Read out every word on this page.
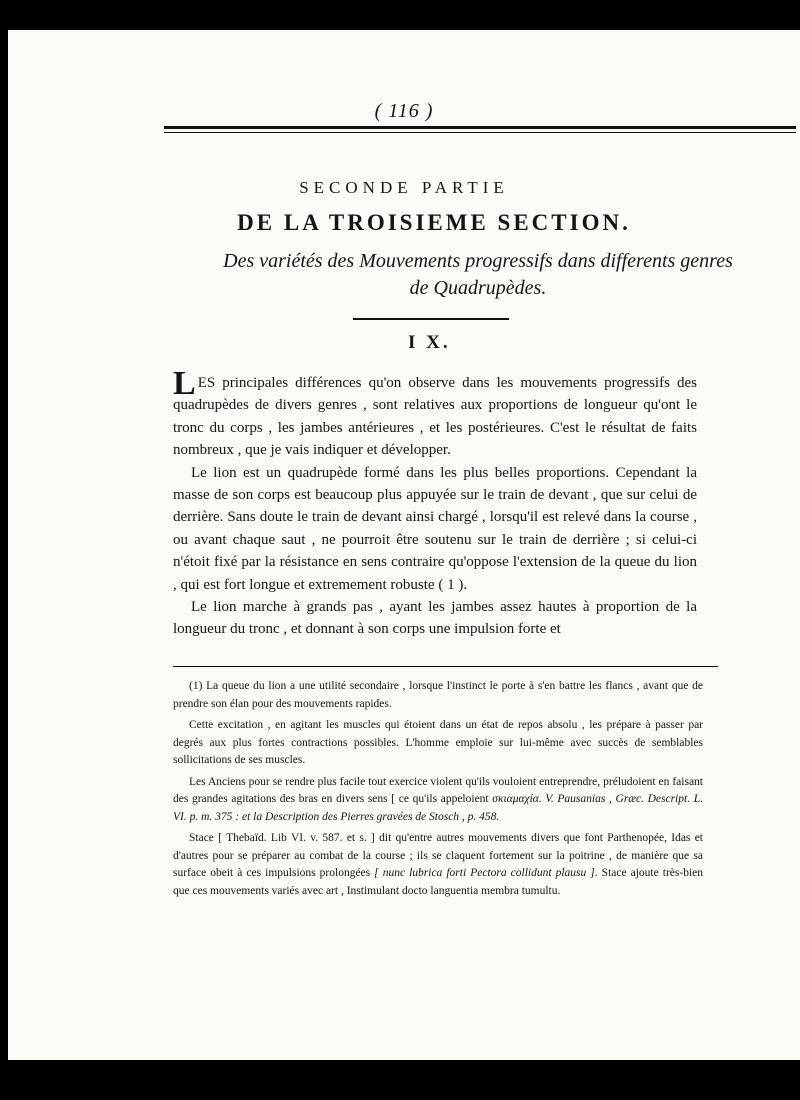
( 116 )
SECONDE PARTIE
DE LA TROISIEME SECTION.
Des variétés des Mouvements progressifs dans differents genres
de Quadrupèdes.
I X.

LES principales différences qu'on observe dans les mouvements progressifs des quadrupèdes de divers genres , sont relatives aux proportions de longueur qu'ont le tronc du corps , les jambes antérieures , et les postérieures. C'est le résultat de faits nombreux , que je vais indiquer et développer.

Le lion est un quadrupède formé dans les plus belles proportions. Cependant la masse de son corps est beaucoup plus appuyée sur le train de devant , que sur celui de derrière. Sans doute le train de devant ainsi chargé , lorsqu'il est relevé dans la course , ou avant chaque saut , ne pourroit être soutenu sur le train de derrière ; si celui-ci n'étoit fixé par la résistance en sens contraire qu'oppose l'extension de la queue du lion , qui est fort longue et extremement robuste ( 1 ).

Le lion marche à grands pas , ayant les jambes assez hautes à proportion de la longueur du tronc , et donnant à son corps une impulsion forte et

(1) La queue du lion a une utilité secondaire , lorsque l'instinct le porte à s'en battre les flancs , avant que de prendre son élan pour des mouvements rapides.

Cette excitation , en agitant les muscles qui étoient dans un état de repos absolu , les prépare à passer par degrés aux plus fortes contractions possibles. L'homme emploie sur lui-même avec succès de semblables sollicitations de ses muscles.

Les Anciens pour se rendre plus facile tout exercice violent qu'ils vouloient entreprendre, préludoient en faisant des grandes agitations des bras en divers sens [ ce qu'ils appeloient σκιαμαχία. V. Pausanias , Græc. Descript. L. VI. p. m. 375 : et la Description des Pierres gravées de Stosch , p. 458.

Stace [ Thebaïd. Lib VI. v. 587. et s. ] dit qu'entre autres mouvements divers que font Parthenopée, Idas et d'autres pour se préparer au combat de la course ; ils se claquent fortement sur la poitrine , de manière que sa surface obeit à ces impulsions prolongées [ nunc lubrica forti Pectora collidunt plausu ]. Stace ajoute très-bien que ces mouvements variés avec art , Instimulant docto languentia membra tumultu.
